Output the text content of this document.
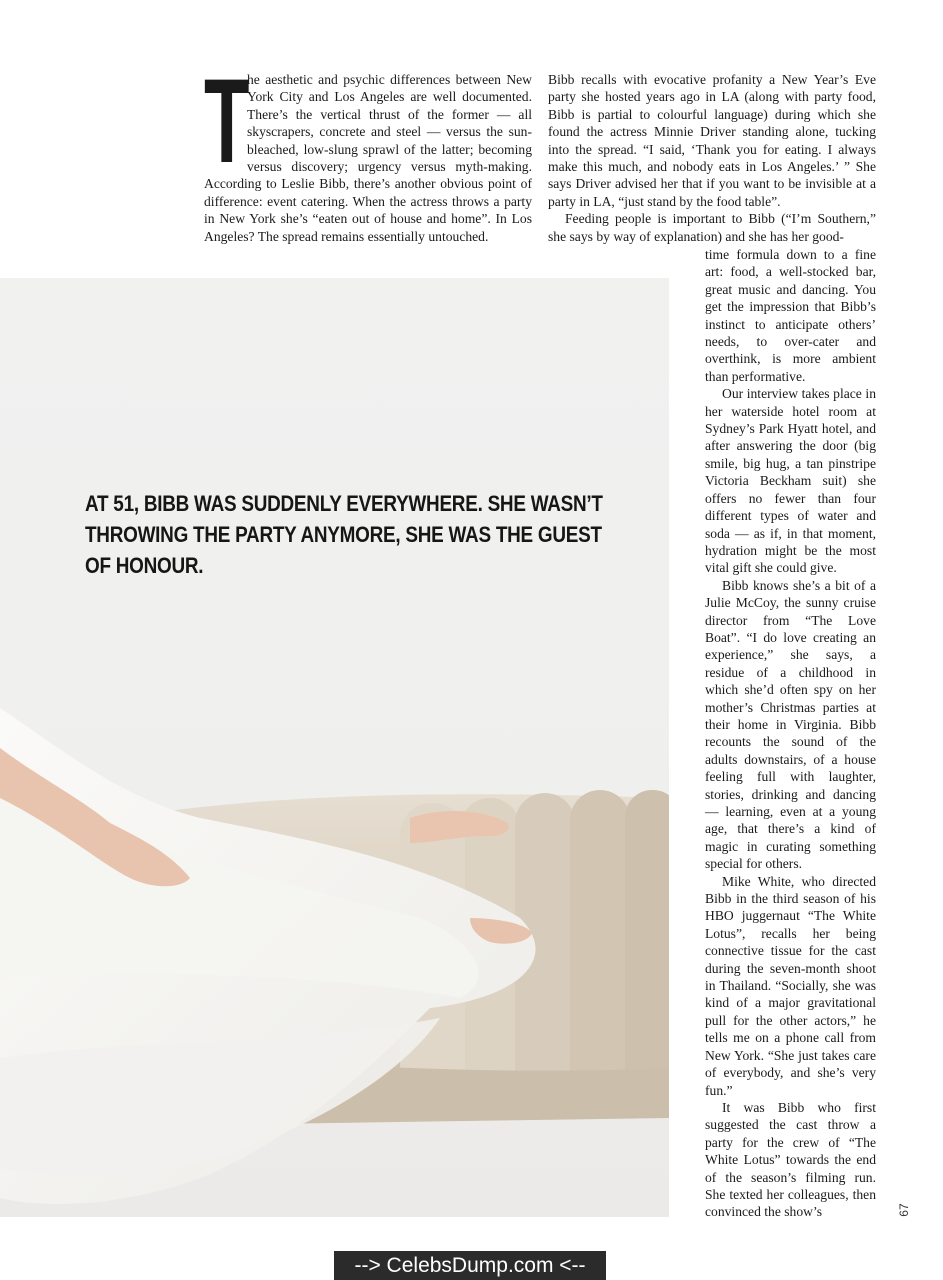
T
he aesthetic and psychic differences between New York City and Los Angeles are well documented. There’s the vertical thrust of the former — all skyscrapers, concrete and steel — versus the sun-bleached, low-slung sprawl of the latter; becoming versus discovery; urgency versus myth-making. According to Leslie Bibb, there’s another obvious point of difference: event catering. When the actress throws a party in New York she’s “eaten out of house and home”. In Los Angeles? The spread remains essentially untouched.

Bibb recalls with evocative profanity a New Year’s Eve party she hosted years ago in LA (along with party food, Bibb is partial to colourful language) during which she found the actress Minnie Driver standing alone, tucking into the spread. “I said, ‘Thank you for eating. I always make this much, and nobody eats in Los Angeles.’ ” She says Driver advised her that if you want to be invisible at a party in LA, “just stand by the food table”.

Feeding people is important to Bibb (“I’m Southern,” she says by way of explanation) and she has her good-

time formula down to a fine art: food, a well-stocked bar, great music and dancing. You get the impression that Bibb’s instinct to anticipate others’ needs, to over-cater and overthink, is more ambient than performative.

Our interview takes place in her waterside hotel room at Sydney’s Park Hyatt hotel, and after answering the door (big smile, big hug, a tan pinstripe Victoria Beckham suit) she offers no fewer than four different types of water and soda — as if, in that moment, hydration might be the most vital gift she could give.

Bibb knows she’s a bit of a Julie McCoy, the sunny cruise director from “The Love Boat”. “I do love creating an experience,” she says, a residue of a childhood in which she’d often spy on her mother’s Christmas parties at their home in Virginia. Bibb recounts the sound of the adults downstairs, of a house feeling full with laughter, stories, drinking and dancing — learning, even at a young age, that there’s a kind of magic in curating something special for others.

Mike White, who directed Bibb in the third season of his HBO juggernaut “The White Lotus”, recalls her being connective tissue for the cast during the seven-month shoot in Thailand. “Socially, she was kind of a major gravitational pull for the other actors,” he tells me on a phone call from New York. “She just takes care of everybody, and she’s very fun.”

It was Bibb who first suggested the cast throw a party for the crew of “The White Lotus” towards the end of the season’s filming run. She texted her colleagues, then convinced the show’s

AT 51, BIBB WAS SUDDENLY EVERYWHERE. SHE WASN’T THROWING THE PARTY ANYMORE, SHE WAS THE GUEST OF HONOUR.
67
--> CelebsDump.com <--
